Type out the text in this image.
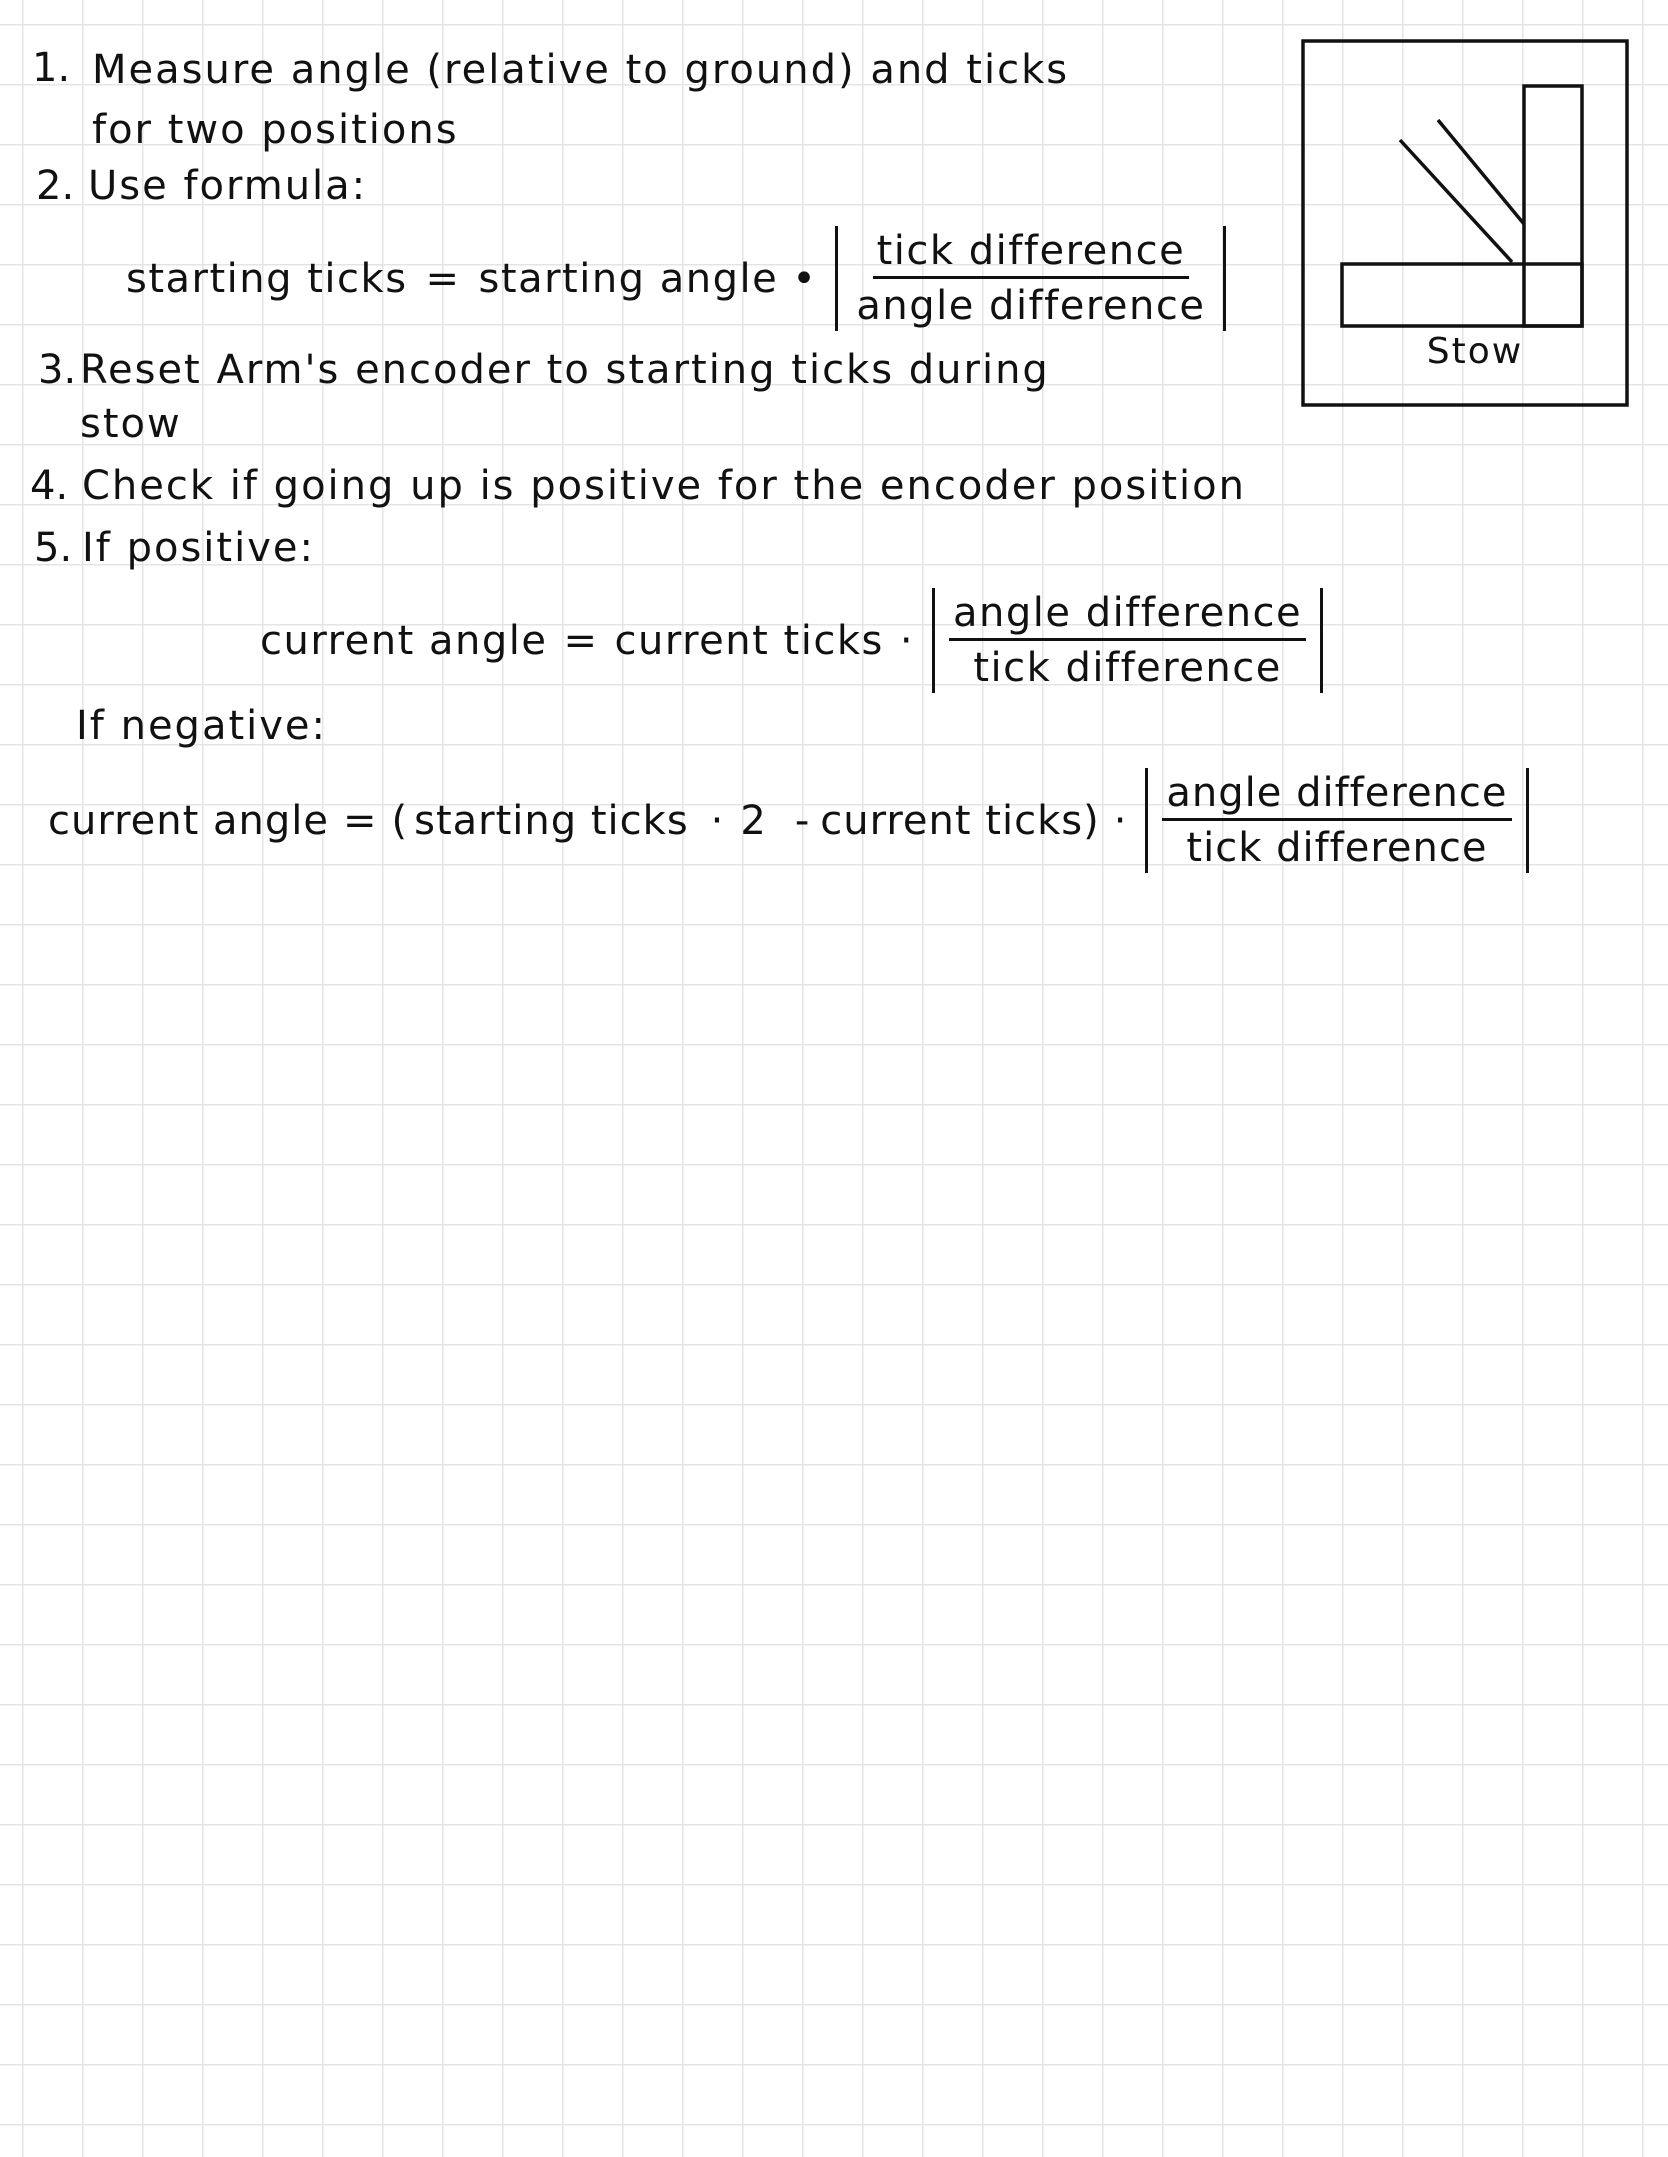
1. Measure angle (relative to ground) and ticks
for two positions
2. Use formula:
starting ticks = starting angle • $\frac{\text{tick difference}}{\text{angle difference}}$
3. Reset Arm's encoder to starting ticks during
stow
4. Check if going up is positive for the encoder position
5. If positive:
current angle = current ticks · $\frac{\text{angle difference}}{\text{tick difference}}$
If negative:
current angle = ( starting ticks · 2 - current ticks ) · $\frac{\text{angle difference}}{\text{tick difference}}$
Stow
